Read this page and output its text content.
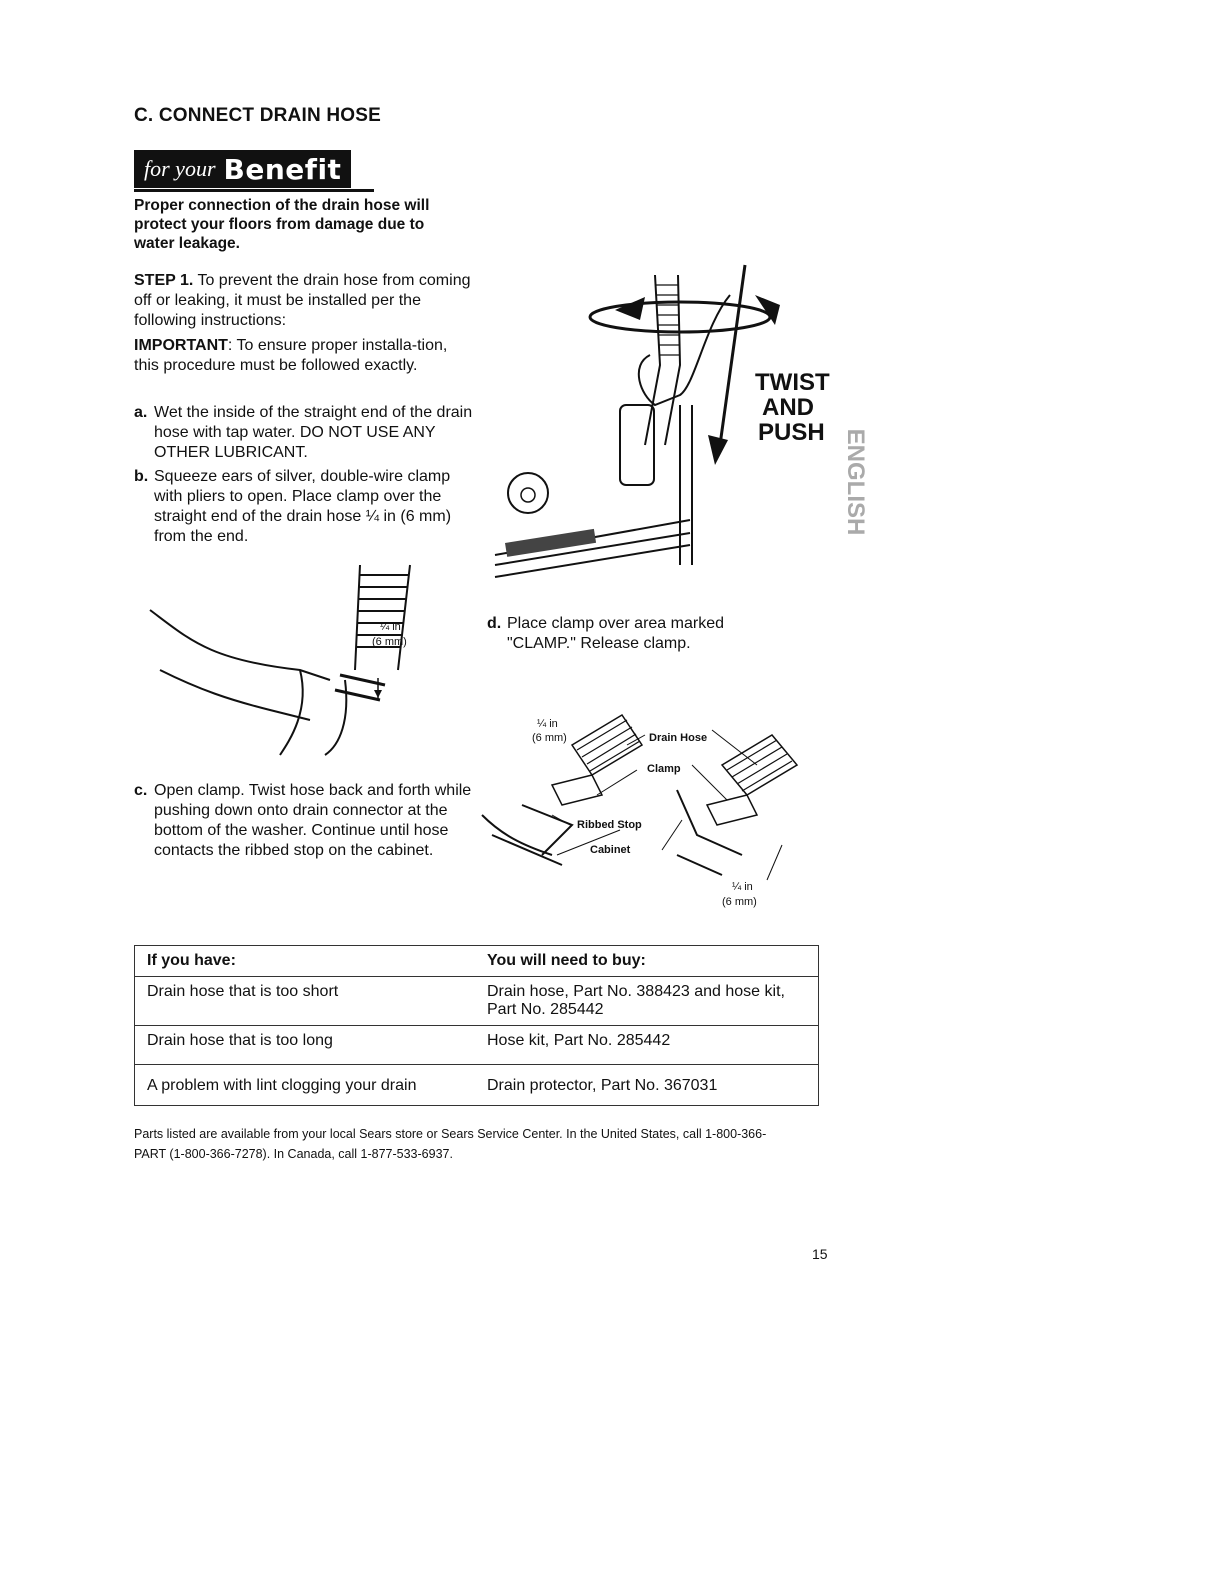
C. CONNECT DRAIN HOSE
for your Benefit
Proper connection of the drain hose will protect your floors from damage due to water leakage.
STEP 1. To prevent the drain hose from coming off or leaking, it must be installed per the following instructions:
IMPORTANT: To ensure proper installa-tion, this procedure must be followed exactly.
a. Wet the inside of the straight end of the drain hose with tap water. DO NOT USE ANY OTHER LUBRICANT.
b. Squeeze ears of silver, double-wire clamp with pliers to open. Place clamp over the straight end of the drain hose ¼ in (6 mm) from the end.
c. Open clamp. Twist hose back and forth while pushing down onto drain connector at the bottom of the washer. Continue until hose contacts the ribbed stop on the cabinet.
d. Place clamp over area marked "CLAMP." Release clamp.
TWIST
AND
PUSH ENGLISH
¼ in
(6 mm)
¼ in
(6 mm)	Drain Hose
Clamp
Ribbed Stop
Cabinet
¼ in
(6 mm)
If you have:	You will need to buy:
Drain hose that is too short	Drain hose, Part No. 388423 and hose kit, Part No. 285442
Drain hose that is too long	Hose kit, Part No. 285442
A problem with lint clogging your drain	Drain protector, Part No. 367031
Parts listed are available from your local Sears store or Sears Service Center. In the United States, call 1-800-366-PART (1-800-366-7278). In Canada, call 1-877-533-6937.
15
